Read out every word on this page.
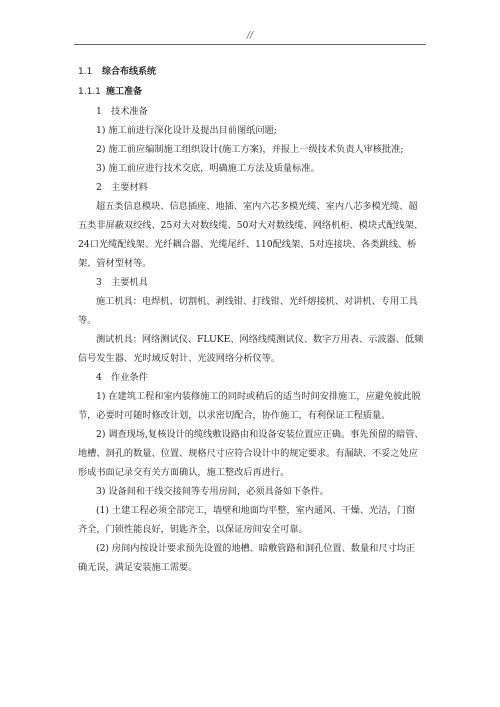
//

1.1 综合布线系统

1.1.1 施工准备

1　技术准备

1) 施工前进行深化设计及提出目前图纸问题;

2) 施工前应编制施工组织设计(施工方案)，并报上一级技术负责人审核批准;

3) 施工前应进行技术交底，明确施工方法及质量标准。

2　主要材料

超五类信息模块、信息插座、地插、室内六芯多模光缆、室内八芯多模光缆、超五类非屏蔽双绞线、25对大对数线缆、50对大对数线缆、网络机柜、模块式配线架、24口光缆配线架、光纤耦合器、光缆尾纤、110配线架、5对连接块、各类跳线、桥架、管材型材等。

3　主要机具

施工机具：电焊机、切割机、剥线钳、打线钳、光纤熔接机、对讲机、专用工具等。

测试机具：网络测试仪、FLUKE、网络线缆测试仪、数字万用表、示波器、低频信号发生器、光时域反射计、光波网络分析仪等。

4　作业条件

1) 在建筑工程和室内装修施工的同时或稍后的适当时间安排施工，应避免彼此脱节，必要时可随时修改计划，以求密切配合，协作施工，有利保证工程质量。

2) 调查现场,复核设计的缆线敷设路由和设备安装位置应正确。事先预留的暗管、地槽、洞孔的数量、位置、规格尺寸应符合设计中的规定要求。有漏缺、不妥之处应形成书面记录交有关方面确认，施工整改后再进行。

3) 设备间和干线交接间等专用房间，必须具备如下条件。

(1) 土建工程必须全部完工，墙壁和地面均平整，室内通风、干燥、光洁，门窗齐全，门锁性能良好，钥匙齐全，以保证房间安全可靠。

(2) 房间内按设计要求预先设置的地槽、暗敷管路和洞孔位置、数量和尺寸均正确无误，满足安装施工需要。
